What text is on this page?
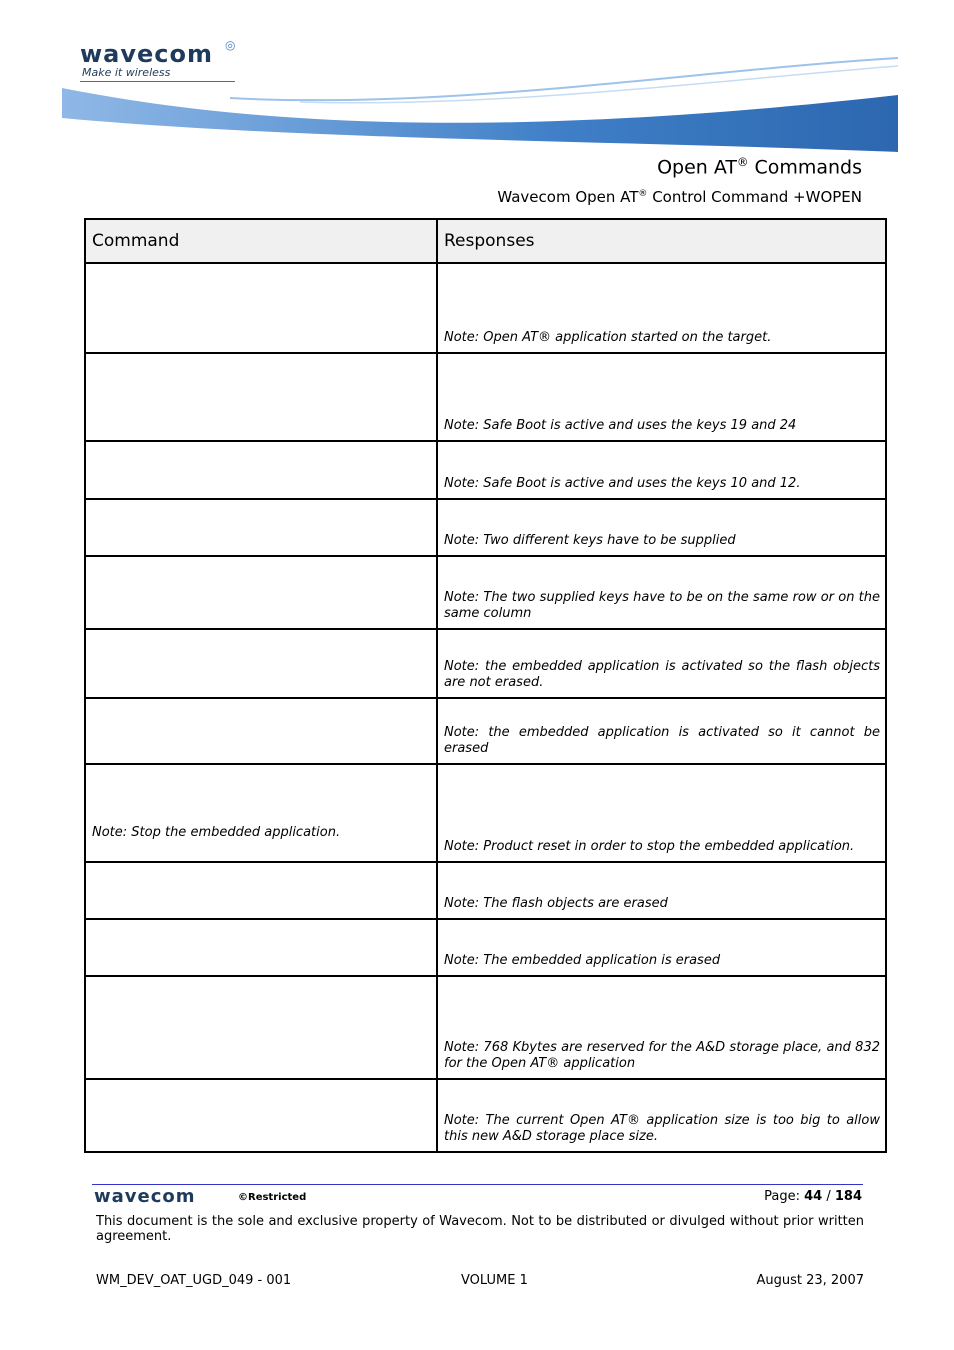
wavecom ◎
Make it wireless
Open AT® Commands
Wavecom Open AT® Control Command +WOPEN
Command	Responses
	Note: Open AT® application started on the target.
	Note: Safe Boot is active and uses the keys 19 and 24
	Note: Safe Boot is active and uses the keys 10 and 12.
	Note: Two different keys have to be supplied
	Note: The two supplied keys have to be on the same row or on the same column
	Note: the embedded application is activated so the flash objects are not erased.
	Note: the embedded application is activated so it cannot be erased
Note: Stop the embedded application.	Note: Product reset in order to stop the embedded application.
	Note: The flash objects are erased
	Note: The embedded application is erased
	Note: 768 Kbytes are reserved for the A&D storage place, and 832 for the Open AT® application
	Note: The current Open AT® application size is too big to allow this new A&D storage place size.
wavecom	©Restricted	Page: 44 / 184
This document is the sole and exclusive property of Wavecom. Not to be distributed or divulged without prior written agreement.
WM_DEV_OAT_UGD_049 - 001	VOLUME 1	August 23, 2007
